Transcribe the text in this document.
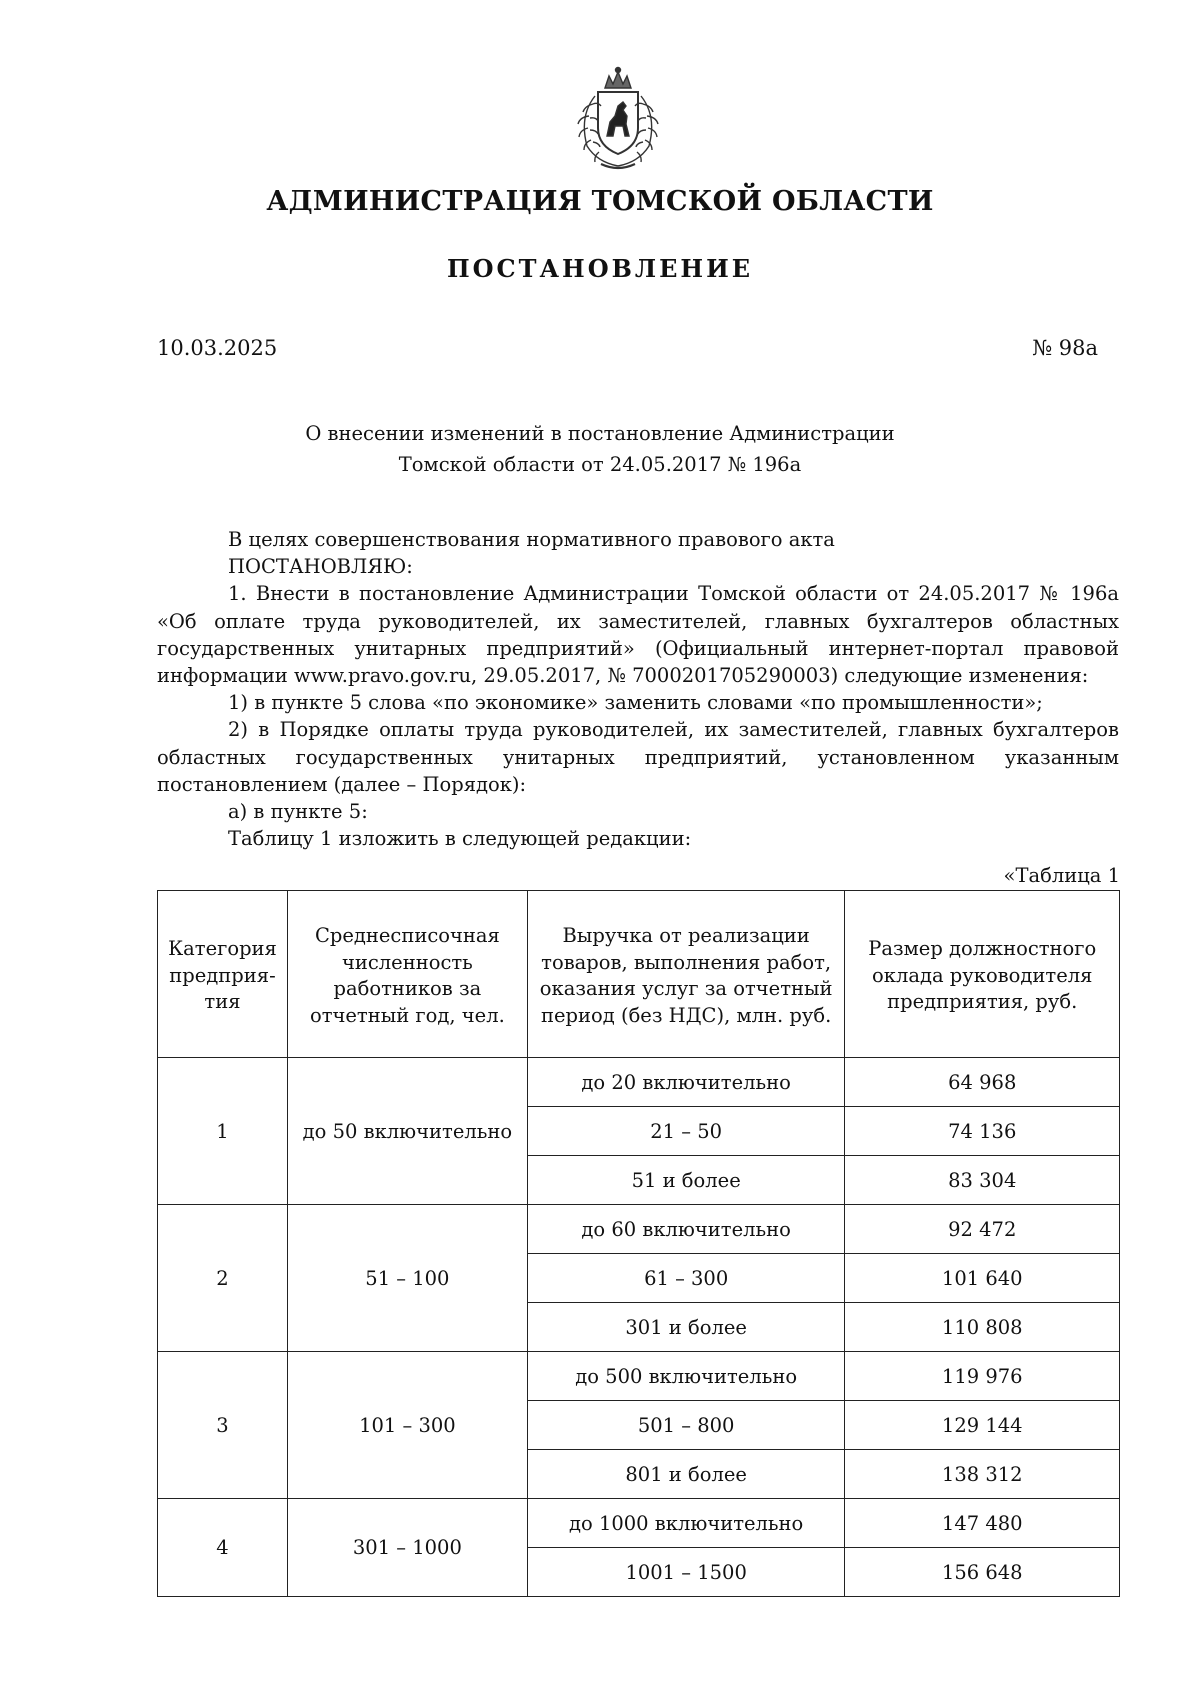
АДМИНИСТРАЦИЯ ТОМСКОЙ ОБЛАСТИ
ПОСТАНОВЛЕНИЕ
10.03.2025	№ 98а
О внесении изменений в постановление Администрации
Томской области от 24.05.2017 № 196а

В целях совершенствования нормативного правового акта

ПОСТАНОВЛЯЮ:

1. Внести в постановление Администрации Томской области от 24.05.2017 № 196а «Об оплате труда руководителей, их заместителей, главных бухгалтеров областных государственных унитарных предприятий» (Официальный интернет-портал правовой информации www.pravo.gov.ru, 29.05.2017, № 7000201705290003) следующие изменения:

1) в пункте 5 слова «по экономике» заменить словами «по промышленности»;

2) в Порядке оплаты труда руководителей, их заместителей, главных бухгалтеров областных государственных унитарных предприятий, установленном указанным постановлением (далее – Порядок):

а) в пункте 5:

Таблицу 1 изложить в следующей редакции:

«Таблица 1
Категория предприя-тия	Среднесписочная численность работников за отчетный год, чел.	Выручка от реализации товаров, выполнения работ, оказания услуг за отчетный период (без НДС), млн. руб.	Размер должностного оклада руководителя предприятия, руб.
1	до 50 включительно	до 20 включительно	64 968
		21 – 50	74 136
		51 и более	83 304
2	51 – 100	до 60 включительно	92 472
		61 – 300	101 640
		301 и более	110 808
3	101 – 300	до 500 включительно	119 976
		501 – 800	129 144
		801 и более	138 312
4	301 – 1000	до 1000 включительно	147 480
		1001 – 1500	156 648
